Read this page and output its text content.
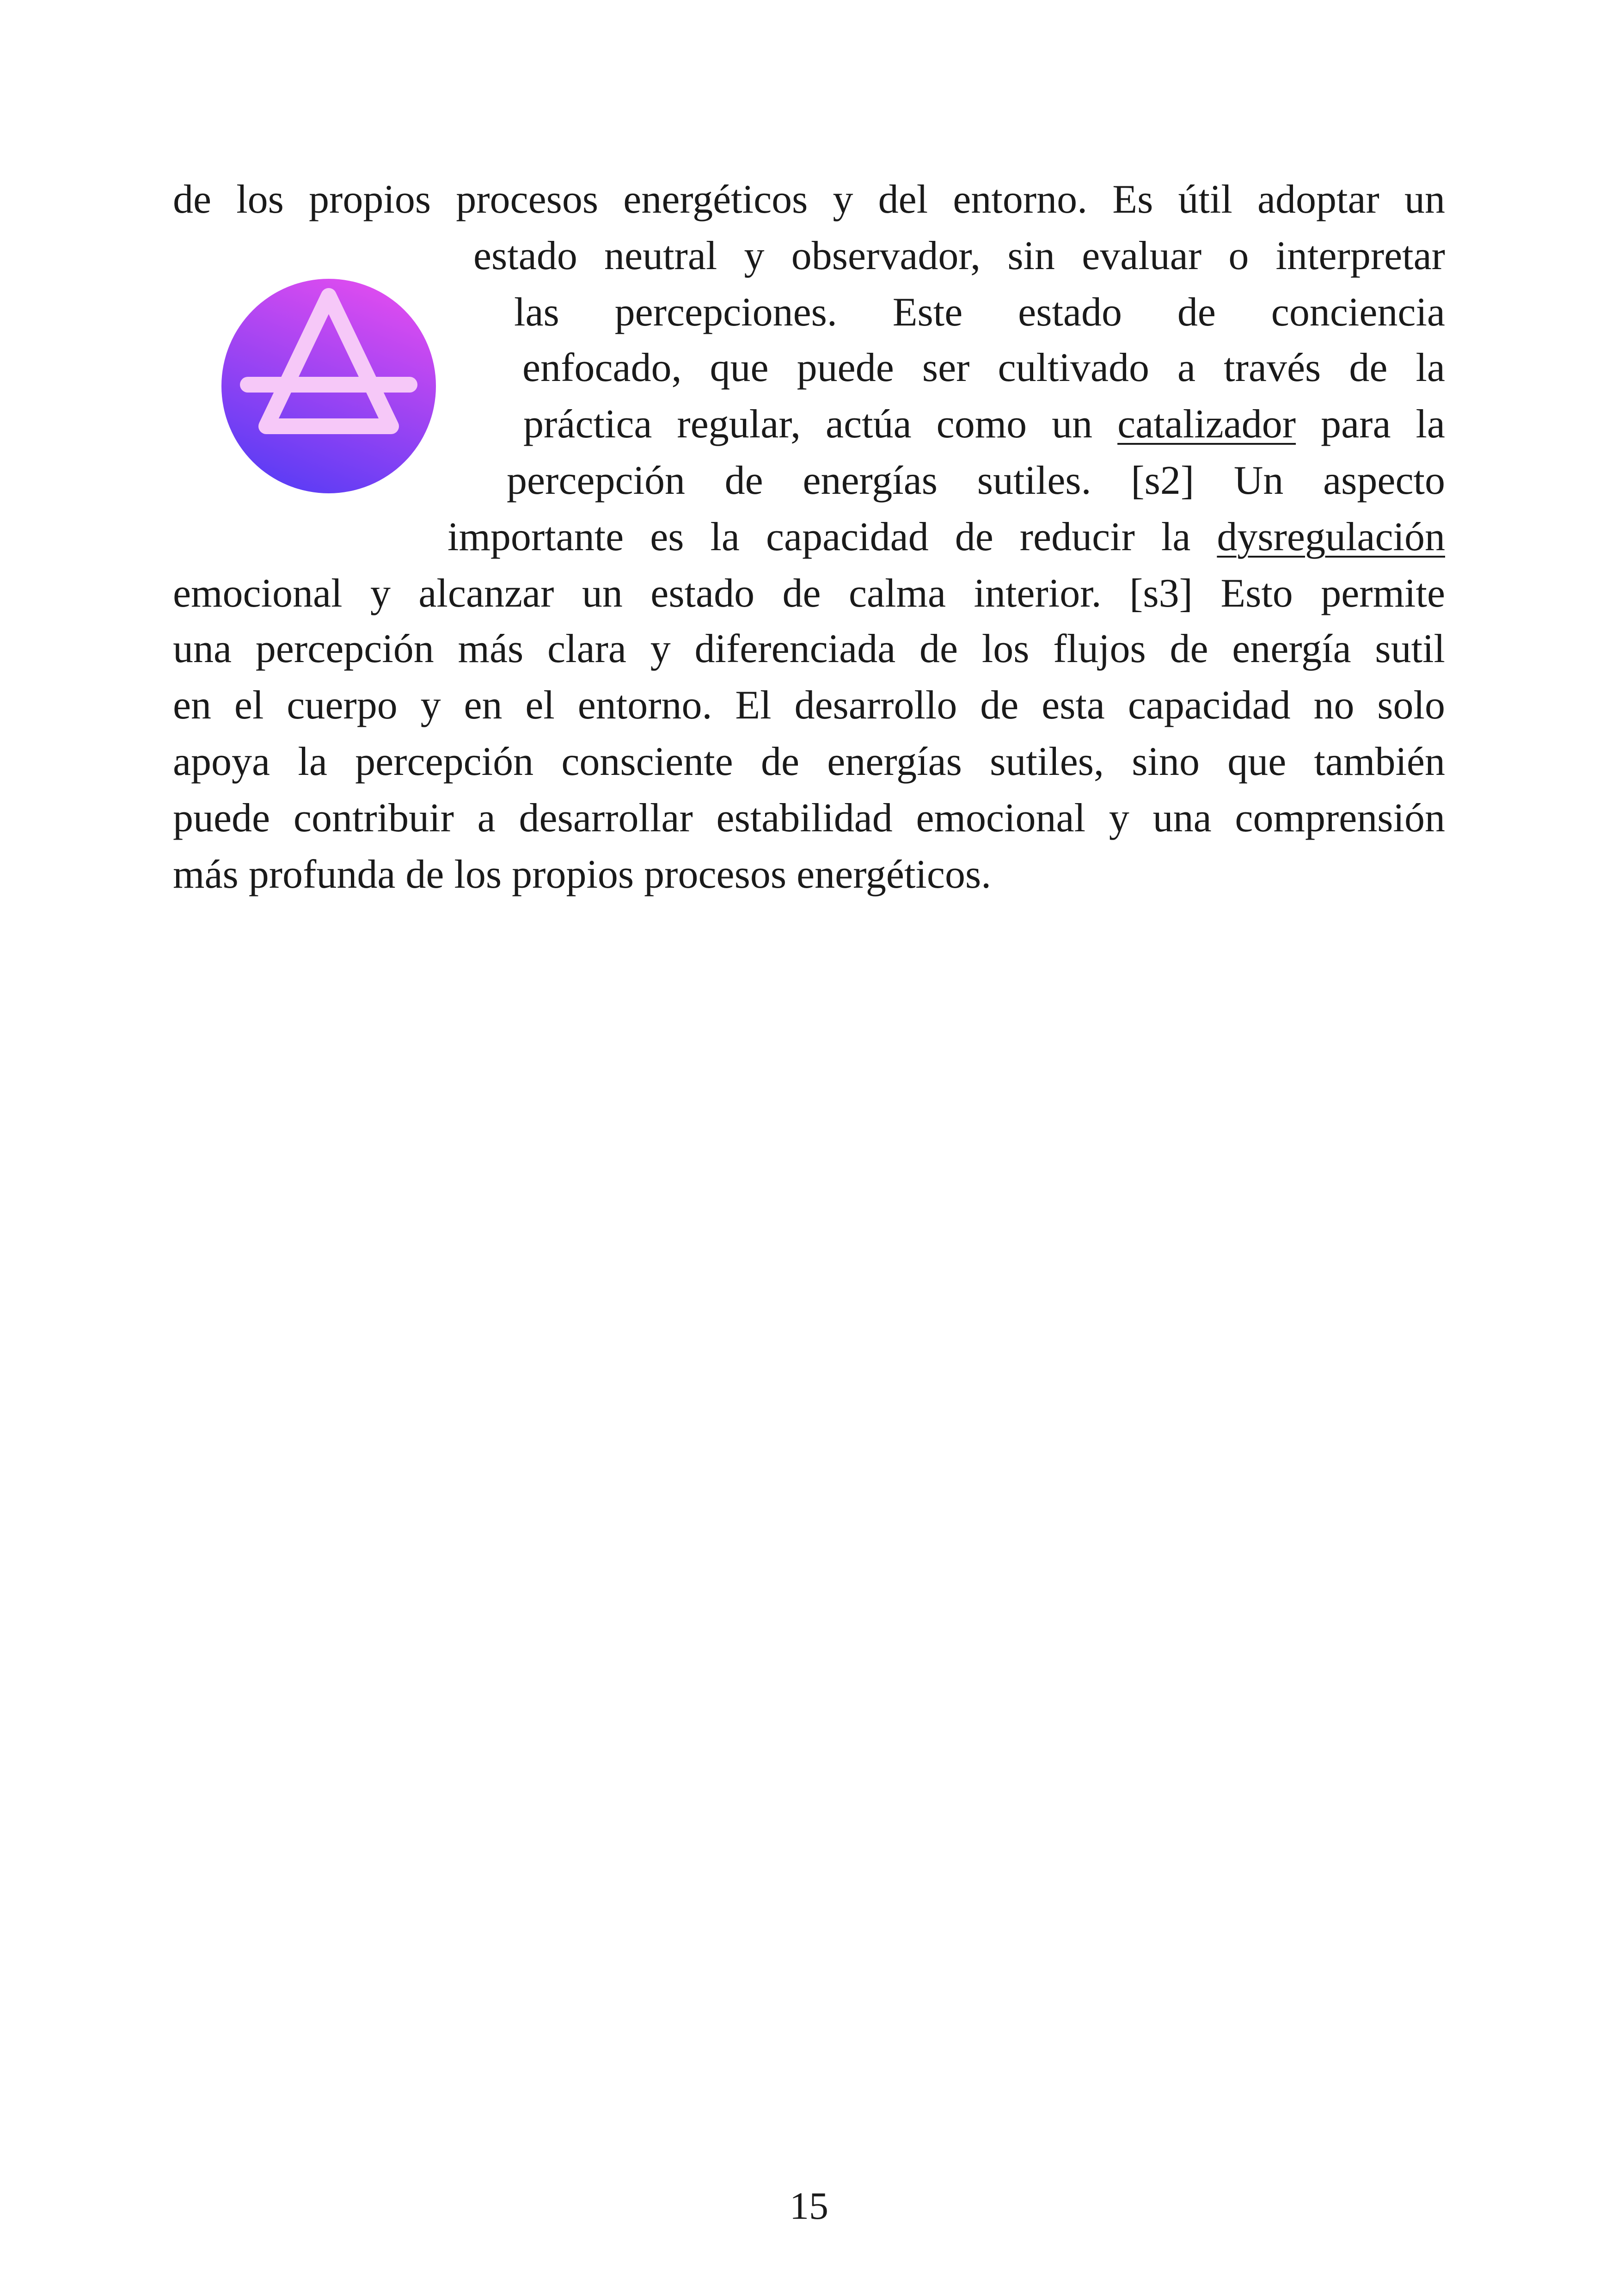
de los propios procesos energéticos y del entorno. Es útil adoptar un
estado neutral y observador, sin evaluar o interpretar
las percepciones. Este estado de conciencia
enfocado, que puede ser cultivado a través de la
práctica regular, actúa como un catalizador para la
percepción de energías sutiles. [s2] Un aspecto
importante es la capacidad de reducir la dysregulación
emocional y alcanzar un estado de calma interior. [s3] Esto permite
una percepción más clara y diferenciada de los flujos de energía sutil
en el cuerpo y en el entorno. El desarrollo de esta capacidad no solo
apoya la percepción consciente de energías sutiles, sino que también
puede contribuir a desarrollar estabilidad emocional y una comprensión
más profunda de los propios procesos energéticos.
15
